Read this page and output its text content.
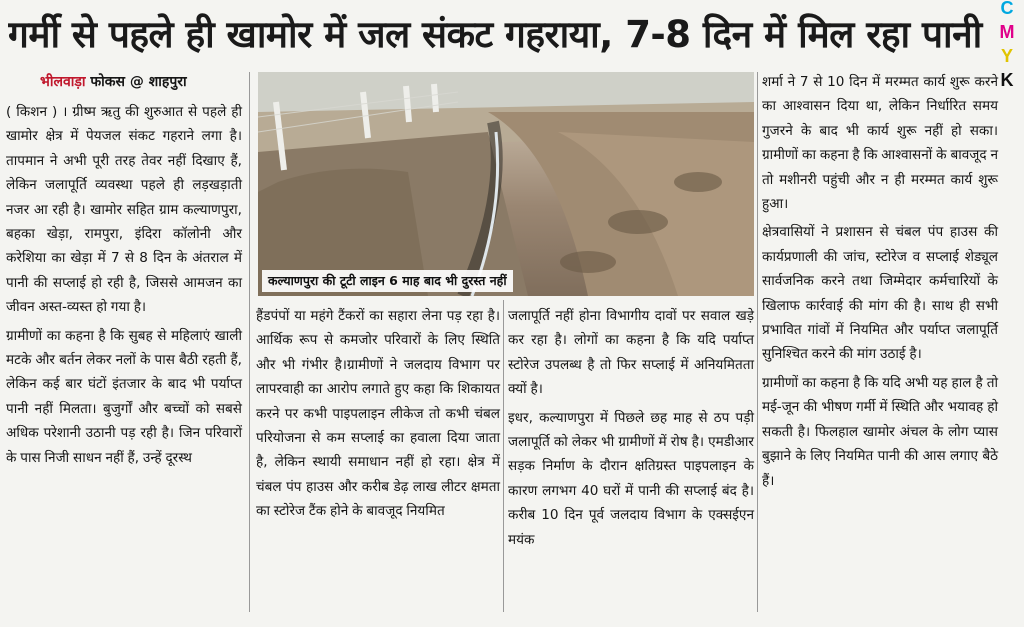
गर्मी से पहले ही खामोर में जल संकट गहराया, 7-8 दिन में मिल रहा पानी
C
M
Y
K
भीलवाड़ा फोकस @ शाहपुरा

( किशन ) । ग्रीष्म ऋतु की शुरुआत से पहले ही खामोर क्षेत्र में पेयजल संकट गहराने लगा है। तापमान ने अभी पूरी तरह तेवर नहीं दिखाए हैं, लेकिन जलापूर्ति व्यवस्था पहले ही लड़खड़ाती नजर आ रही है। खामोर सहित ग्राम कल्याणपुरा, बहका खेड़ा, रामपुरा, इंदिरा कॉलोनी और करेशिया का खेड़ा में 7 से 8 दिन के अंतराल में पानी की सप्लाई हो रही है, जिससे आमजन का जीवन अस्त-व्यस्त हो गया है।

ग्रामीणों का कहना है कि सुबह से महिलाएं खाली मटके और बर्तन लेकर नलों के पास बैठी रहती हैं, लेकिन कई बार घंटों इंतजार के बाद भी पर्याप्त पानी नहीं मिलता। बुजुर्गों और बच्चों को सबसे अधिक परेशानी उठानी पड़ रही है। जिन परिवारों के पास निजी साधन नहीं हैं, उन्हें दूरस्थ

कल्याणपुरा की टूटी लाइन 6 माह बाद भी दुरस्त नहीं

हैंडपंपों या महंगे टैंकरों का सहारा लेना पड़ रहा है। आर्थिक रूप से कमजोर परिवारों के लिए स्थिति और भी गंभीर है।ग्रामीणों ने जलदाय विभाग पर लापरवाही का आरोप लगाते हुए कहा कि शिकायत करने पर कभी पाइपलाइन लीकेज तो कभी चंबल परियोजना से कम सप्लाई का हवाला दिया जाता है, लेकिन स्थायी समाधान नहीं हो रहा। क्षेत्र में चंबल पंप हाउस और करीब डेढ़ लाख लीटर क्षमता का स्टोरेज टैंक होने के बावजूद नियमित

जलापूर्ति नहीं होना विभागीय दावों पर सवाल खड़े कर रहा है। लोगों का कहना है कि यदि पर्याप्त स्टोरेज उपलब्ध है तो फिर सप्लाई में अनियमितता क्यों है।

इधर, कल्याणपुरा में पिछले छह माह से ठप पड़ी जलापूर्ति को लेकर भी ग्रामीणों में रोष है। एमडीआर सड़क निर्माण के दौरान क्षतिग्रस्त पाइपलाइन के कारण लगभग 40 घरों में पानी की सप्लाई बंद है। करीब 10 दिन पूर्व जलदाय विभाग के एक्सईएन मयंक

शर्मा ने 7 से 10 दिन में मरम्मत कार्य शुरू करने का आश्वासन दिया था, लेकिन निर्धारित समय गुजरने के बाद भी कार्य शुरू नहीं हो सका। ग्रामीणों का कहना है कि आश्वासनों के बावजूद न तो मशीनरी पहुंची और न ही मरम्मत कार्य शुरू हुआ।

क्षेत्रवासियों ने प्रशासन से चंबल पंप हाउस की कार्यप्रणाली की जांच, स्टोरेज व सप्लाई शेड्यूल सार्वजनिक करने तथा जिम्मेदार कर्मचारियों के खिलाफ कार्रवाई की मांग की है। साथ ही सभी प्रभावित गांवों में नियमित और पर्याप्त जलापूर्ति सुनिश्चित करने की मांग उठाई है।

ग्रामीणों का कहना है कि यदि अभी यह हाल है तो मई-जून की भीषण गर्मी में स्थिति और भयावह हो सकती है। फिलहाल खामोर अंचल के लोग प्यास बुझाने के लिए नियमित पानी की आस लगाए बैठे हैं।
